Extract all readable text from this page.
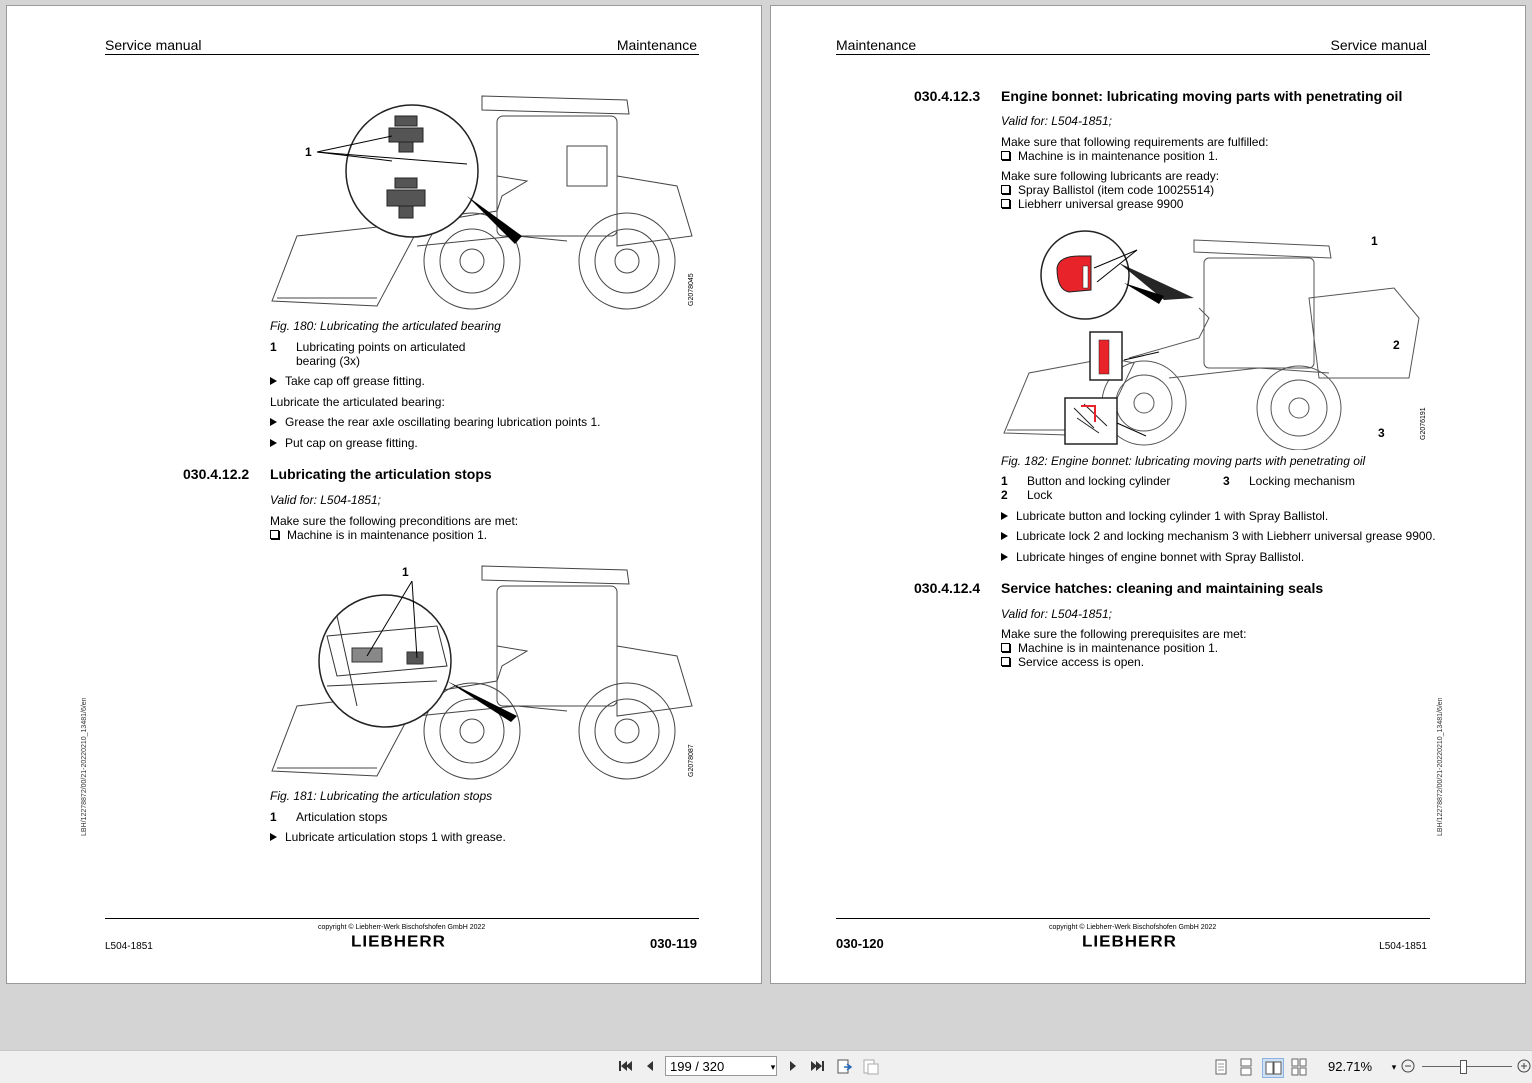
Service manual	Maintenance
1
G2078045
Fig. 180: Lubricating the articulated bearing
1 Lubricating points on articulated
bearing (3x)
Take cap off grease fitting.
Lubricate the articulated bearing:
Grease the rear axle oscillating bearing lubrication points 1.
Put cap on grease fitting.
030.4.12.2 Lubricating the articulation stops
Valid for: L504-1851;
Make sure the following preconditions are met:
Machine is in maintenance position 1.
1
G2078087
Fig. 181: Lubricating the articulation stops
1 Articulation stops
Lubricate articulation stops 1 with grease.
LBH/12278872/00/21-20220210_13481/6/en
copyright © Liebherr-Werk Bischofshofen GmbH 2022
LIEBHERR
L504-1851	030-119
Maintenance	Service manual
030.4.12.3 Engine bonnet: lubricating moving parts with penetrating oil
Valid for: L504-1851;
Make sure that following requirements are fulfilled:
Machine is in maintenance position 1.
Make sure following lubricants are ready:
Spray Ballistol (item code 10025514)
Liebherr universal grease 9900
1
2
3	G2076191
Fig. 182: Engine bonnet: lubricating moving parts with penetrating oil
1 Button and locking cylinder	3 Locking mechanism
2 Lock
Lubricate button and locking cylinder 1 with Spray Ballistol.
Lubricate lock 2 and locking mechanism 3 with Liebherr universal grease 9900.
Lubricate hinges of engine bonnet with Spray Ballistol.
030.4.12.4 Service hatches: cleaning and maintaining seals
Valid for: L504-1851;
Make sure the following prerequisites are met:
Machine is in maintenance position 1.
Service access is open.
LBH/12278872/00/21-20220210_13481/6/en
copyright © Liebherr-Werk Bischofshofen GmbH 2022
LIEBHERR
030-120	L504-1851
199 / 320
▾	92.71%	▾
